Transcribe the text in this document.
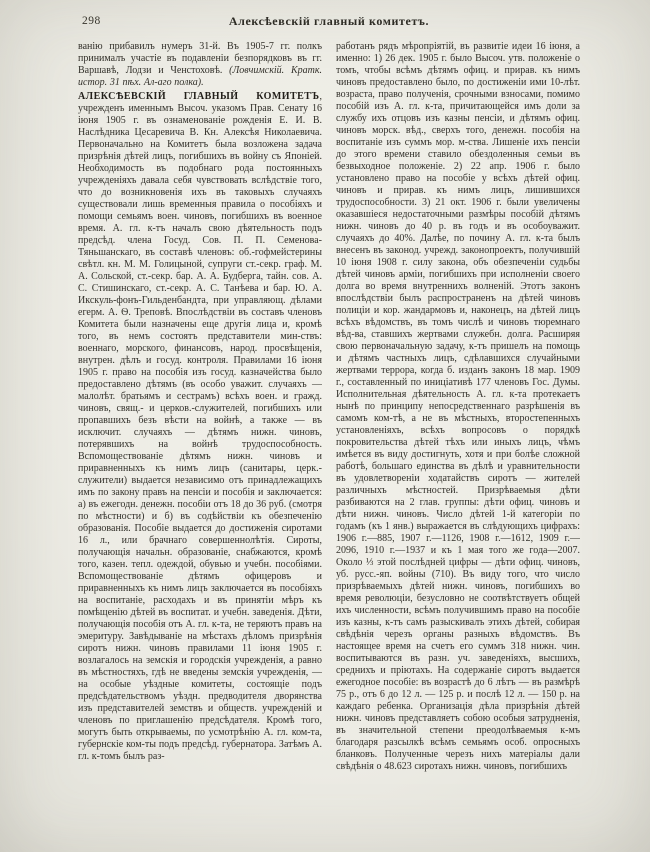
298	Алексѣевскій главный комитетъ.

ванію прибавилъ нумеръ 31-й. Въ 1905-7 гг. полкъ принималъ участіе въ подавленіи безпорядковъ въ гг. Варшавѣ, Лодзи и Ченстоховѣ. (Ловчимскій. Кратк. истор. 31 пѣх. Ал-аго полка).

АЛЕКСѢЕВСКІЙ ГЛАВНЫЙ КОМИТЕТЪ, учрежденъ именнымъ Высоч. указомъ Прав. Сенату 16 іюня 1905 г. въ ознаменованіе рожденія Е. И. В. Наслѣдника Цесаревича В. Кн. Алексѣя Николаевича. Первоначально на Комитетъ была возложена задача призрѣнія дѣтей лицъ, погибшихъ въ войну съ Японіей. Необходимость въ подобнаго рода постоянныхъ учрежденіяхъ давала себя чувствовать вслѣдствіе того, что до возникновенія ихъ въ таковыхъ случаяхъ существовали лишь временныя правила о пособіяхъ и помощи семьямъ воен. чиновъ, погибшихъ въ военное время. А. гл. к-тъ началъ свою дѣятельность подъ предсѣд. члена Госуд. Сов. П. П. Семенова-Тяньшанскаго, въ составѣ членовъ: об.-гофмейстерины свѣтл. кн. М. М. Голицыной, супруги ст.-секр. граф. М. А. Сольской, ст.-секр. бар. А. А. Будберга, тайн. сов. А. С. Стишинскаго, ст.-секр. А. С. Танѣева и бар. Ю. А. Икскуль-фонъ-Гильденбандта, при управляющ. дѣлами егерм. А. Ѳ. Треповѣ. Впослѣдствіи въ составъ членовъ Комитета были назначены еще другія лица и, кромѣ того, въ немъ состоятъ представители мин-ствъ: военнаго, морского, финансовъ, народ. просвѣщенія, внутрен. дѣлъ и госуд. контроля. Правилами 16 іюня 1905 г. право на пособія изъ госуд. казначейства было предоставлено дѣтямъ (въ особо уважит. случаяхъ — малолѣт. братьямъ и сестрамъ) всѣхъ воен. и гражд. чиновъ, свящ.- и церков.-служителей, погибшихъ или пропавшихъ безъ вѣсти на войнѣ, а также — въ исключит. случаяхъ — дѣтямъ нижн. чиновъ, потерявшихъ на войнѣ трудоспособность. Вспомоществованіе дѣтямъ нижн. чиновъ и приравненныхъ къ нимъ лицъ (санитары, церк.-служители) выдается независимо отъ принадлежащихъ имъ по закону правъ на пенсіи и пособія и заключается: а) въ ежегодн. денежн. пособіи отъ 18 до 36 руб. (смотря по мѣстности) и б) въ содѣйствіи къ обезпеченію образованія. Пособіе выдается до достиженія сиротами 16 л., или брачнаго совершеннолѣтія. Сироты, получающія начальн. образованіе, снабжаются, кромѣ того, казен. тепл. одеждой, обувью и учебн. пособіями. Вспомоществованіе дѣтямъ офицеровъ и приравненныхъ къ нимъ лицъ заключается въ пособіяхъ на воспитаніе, расходахъ и въ принятіи мѣръ къ помѣщенію дѣтей въ воспитат. и учебн. заведенія. Дѣти, получающія пособія отъ А. гл. к-та, не теряютъ правъ на эмеритуру. Завѣдываніе на мѣстахъ дѣломъ призрѣнія сиротъ нижн. чиновъ правилами 11 іюня 1905 г. возлагалось на земскія и городскія учрежденія, а равно въ мѣстностяхъ, гдѣ не введены земскія учрежденія, — на особые уѣздные комитеты, состоящіе подъ предсѣдательствомъ уѣздн. предводителя дворянства изъ представителей земствъ и обществ. учрежденій и членовъ по приглашенію предсѣдателя. Кромѣ того, могутъ быть открываемы, по усмотрѣнію А. гл. ком-та, губернскіе ком-ты подъ предсѣд. губернатора. Затѣмъ А. гл. к-томъ былъ раз-

работанъ рядъ мѣропріятій, въ развитіе идеи 16 іюня, а именно: 1) 26 дек. 1905 г. было Высоч. утв. положеніе о томъ, чтобы всѣмъ дѣтямъ офиц. и прирав. къ нимъ чиновъ предоставлено было, по достиженіи ими 10-лѣт. возраста, право полученія, срочными взносами, помимо пособій изъ А. гл. к-та, причитающейся имъ доли за службу ихъ отцовъ изъ казны пенсіи, и дѣтямъ офиц. чиновъ морск. вѣд., сверхъ того, денежн. пособія на воспитаніе изъ суммъ мор. м-ства. Лишеніе ихъ пенсіи до этого времени ставило обездоленныя семьи въ безвыходное положеніе. 2) 22 апр. 1906 г. было установлено право на пособіе у всѣхъ дѣтей офиц. чиновъ и прирав. къ нимъ лицъ, лишившихся трудоспособности. 3) 21 окт. 1906 г. были увеличены оказавшіеся недостаточными размѣры пособій дѣтямъ нижн. чиновъ до 40 р. въ годъ и въ особоуважит. случаяхъ до 40%. Далѣе, по почину А. гл. к-та былъ внесенъ въ законод. учрежд. законопроектъ, получившій 10 іюня 1908 г. силу закона, объ обезпеченіи судьбы дѣтей чиновъ арміи, погибшихъ при исполненіи своего долга во время внутреннихъ волненій. Этотъ законъ впослѣдствіи былъ распространенъ на дѣтей чиновъ полиціи и кор. жандармовъ и, наконецъ, на дѣтей лицъ всѣхъ вѣдомствъ, въ томъ числѣ и чиновъ тюремнаго вѣд-ва, ставшихъ жертвами служебн. долга. Расширяя свою первоначальную задачу, к-тъ пришелъ на помощь и дѣтямъ частныхъ лицъ, сдѣлавшихся случайными жертвами террора, когда б. изданъ законъ 18 мар. 1909 г., составленный по иниціативѣ 177 членовъ Гос. Думы. Исполнительная дѣятельность А. гл. к-та протекаетъ нынѣ по принципу непосредственнаго разрѣшенія въ самомъ ком-тѣ, а не въ мѣстныхъ, второстепенныхъ установленіяхъ, всѣхъ вопросовъ о порядкѣ покровительства дѣтей тѣхъ или иныхъ лицъ, чѣмъ имѣется въ виду достигнуть, хотя и при болѣе сложной работѣ, большаго единства въ дѣлѣ и уравнительности въ удовлетвореніи ходатайствъ сиротъ — жителей различныхъ мѣстностей. Призрѣваемыя дѣти разбиваются на 2 глав. группы: дѣти офиц. чиновъ и дѣти нижн. чиновъ. Число дѣтей 1-й категоріи по годамъ (къ 1 янв.) выражается въ слѣдующихъ цифрахъ: 1906 г.—885, 1907 г.—1126, 1908 г.—1612, 1909 г.—2096, 1910 г.—1937 и къ 1 мая того же года—2007. Около ⅓ этой послѣдней цифры — дѣти офиц. чиновъ, уб. русс.-яп. войны (710). Въ виду того, что число призрѣваемыхъ дѣтей нижн. чиновъ, погибшихъ во время революціи, безусловно не соотвѣтствуетъ общей ихъ численности, всѣмъ получившимъ право на пособіе изъ казны, к-тъ самъ разыскивалъ этихъ дѣтей, собирая свѣдѣнія черезъ органы разныхъ вѣдомствъ. Въ настоящее время на счетъ его суммъ 318 нижн. чин. воспитываются въ разн. уч. заведеніяхъ, высшихъ, среднихъ и пріютахъ. На содержаніе сиротъ выдается ежегодное пособіе: въ возрастѣ до 6 лѣтъ — въ размѣрѣ 75 р., отъ 6 до 12 л. — 125 р. и послѣ 12 л. — 150 р. на каждаго ребенка. Организація дѣла призрѣнія дѣтей нижн. чиновъ представляетъ собою особыя затрудненія, въ значительной степени преодолѣваемыя к-мъ благодаря разсылкѣ всѣмъ семьямъ особ. опросныхъ бланковъ. Полученные черезъ нихъ матеріалы дали свѣдѣнія о 48.623 сиротахъ нижн. чиновъ, погибшихъ
